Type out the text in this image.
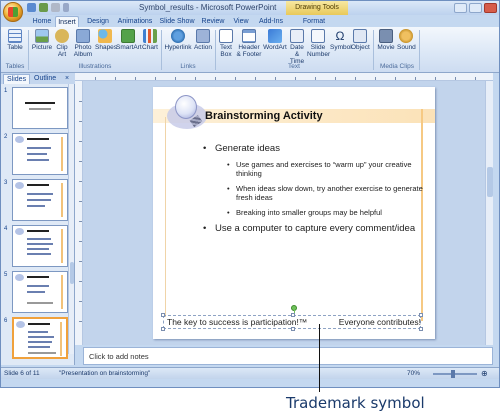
Symbol_results - Microsoft PowerPoint	Drawing Tools
Home Insert	Design	Animations	Slide Show	Review	View	Add-Ins	Format
Table	Picture Clip Art
Photo Album
Shapes
SmartArt Chart Hyperlink Action	Text Box
Header & Footer
WordArt Date & Time
Slide Number
Ω
Symbol Object Movie Sound
Tables	Illustrations	Links	Text	Media Clips
Slides	Outline	×
1
2
3
4
5
6
Brainstorming Activity
• Generate ideas
• Use games and exercises to “warm up” your creative thinking
• When ideas slow down, try another exercise to generate fresh ideas
• Breaking into smaller groups may be helpful
• Use a computer to capture every comment/idea
The key to success is participation!™	Everyone contributes!
Click to add notes
Slide 6 of 11	"Presentation on brainstorming"	70%	⊕
Trademark symbol
